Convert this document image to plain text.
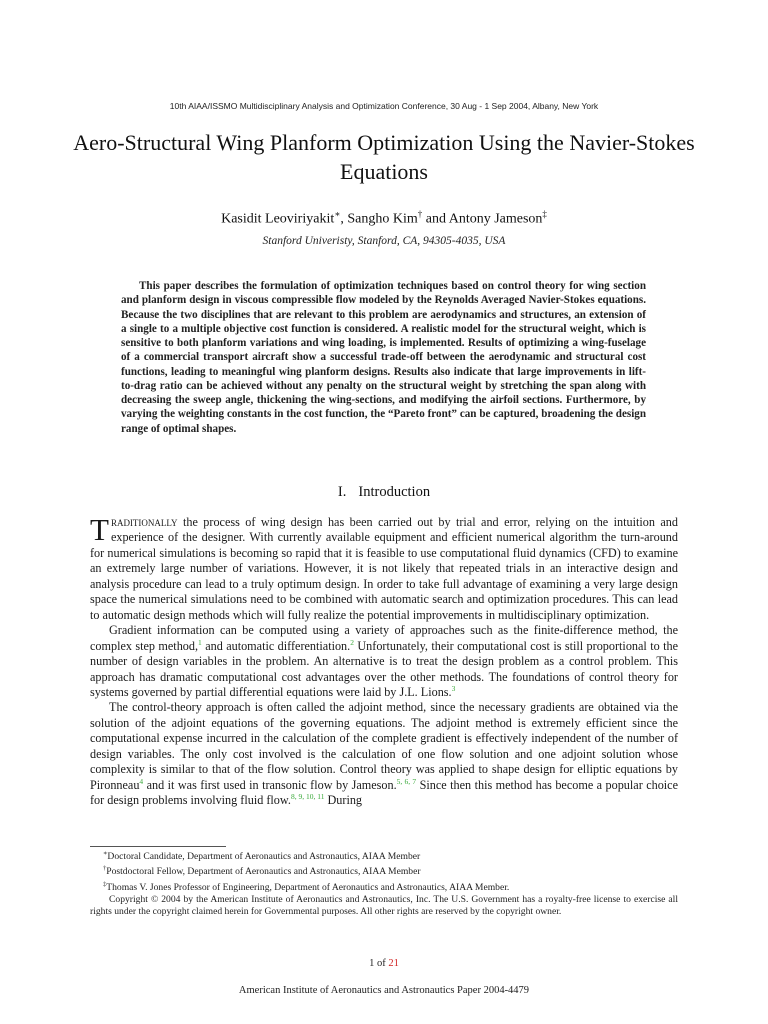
10th AIAA/ISSMO Multidisciplinary Analysis and Optimization Conference, 30 Aug - 1 Sep 2004, Albany, New York
Aero-Structural Wing Planform Optimization Using the Navier-Stokes Equations
Kasidit Leoviriyakit∗, Sangho Kim† and Antony Jameson‡
Stanford Univeristy, Stanford, CA, 94305-4035, USA

This paper describes the formulation of optimization techniques based on control theory for wing section and planform design in viscous compressible flow modeled by the Reynolds Averaged Navier-Stokes equations. Because the two disciplines that are relevant to this problem are aerodynamics and structures, an extension of a single to a multiple objective cost function is considered. A realistic model for the structural weight, which is sensitive to both planform variations and wing loading, is implemented. Results of optimizing a wing-fuselage of a commercial transport aircraft show a successful trade-off between the aerodynamic and structural cost functions, leading to meaningful wing planform designs. Results also indicate that large improvements in lift-to-drag ratio can be achieved without any penalty on the structural weight by stretching the span along with decreasing the sweep angle, thickening the wing-sections, and modifying the airfoil sections. Furthermore, by varying the weighting constants in the cost function, the “Pareto front” can be captured, broadening the design range of optimal shapes.

I. Introduction

Traditionally the process of wing design has been carried out by trial and error, relying on the intuition and experience of the designer. With currently available equipment and efficient numerical algorithm the turn-around for numerical simulations is becoming so rapid that it is feasible to use computational fluid dynamics (CFD) to examine an extremely large number of variations. However, it is not likely that repeated trials in an interactive design and analysis procedure can lead to a truly optimum design. In order to take full advantage of examining a very large design space the numerical simulations need to be combined with automatic search and optimization procedures. This can lead to automatic design methods which will fully realize the potential improvements in multidisciplinary optimization.

Gradient information can be computed using a variety of approaches such as the finite-difference method, the complex step method,$^1$ and automatic differentiation.$^2$ Unfortunately, their computational cost is still proportional to the number of design variables in the problem. An alternative is to treat the design problem as a control problem. This approach has dramatic computational cost advantages over the other methods. The foundations of control theory for systems governed by partial differential equations were laid by J.L. Lions.$^3$

The control-theory approach is often called the adjoint method, since the necessary gradients are obtained via the solution of the adjoint equations of the governing equations. The adjoint method is extremely efficient since the computational expense incurred in the calculation of the complete gradient is effectively independent of the number of design variables. The only cost involved is the calculation of one flow solution and one adjoint solution whose complexity is similar to that of the flow solution. Control theory was applied to shape design for elliptic equations by Pironneau$^4$ and it was first used in transonic flow by Jameson.$^{5, 6, 7}$ Since then this method has become a popular choice for design problems involving fluid flow.$^{8, 9, 10, 11}$ During

∗Doctoral Candidate, Department of Aeronautics and Astronautics, AIAA Member
†Postdoctoral Fellow, Department of Aeronautics and Astronautics, AIAA Member
‡Thomas V. Jones Professor of Engineering, Department of Aeronautics and Astronautics, AIAA Member.
Copyright © 2004 by the American Institute of Aeronautics and Astronautics, Inc. The U.S. Government has a royalty-free license to exercise all rights under the copyright claimed herein for Governmental purposes. All other rights are reserved by the copyright owner.
1 of 21
American Institute of Aeronautics and Astronautics Paper 2004-4479
